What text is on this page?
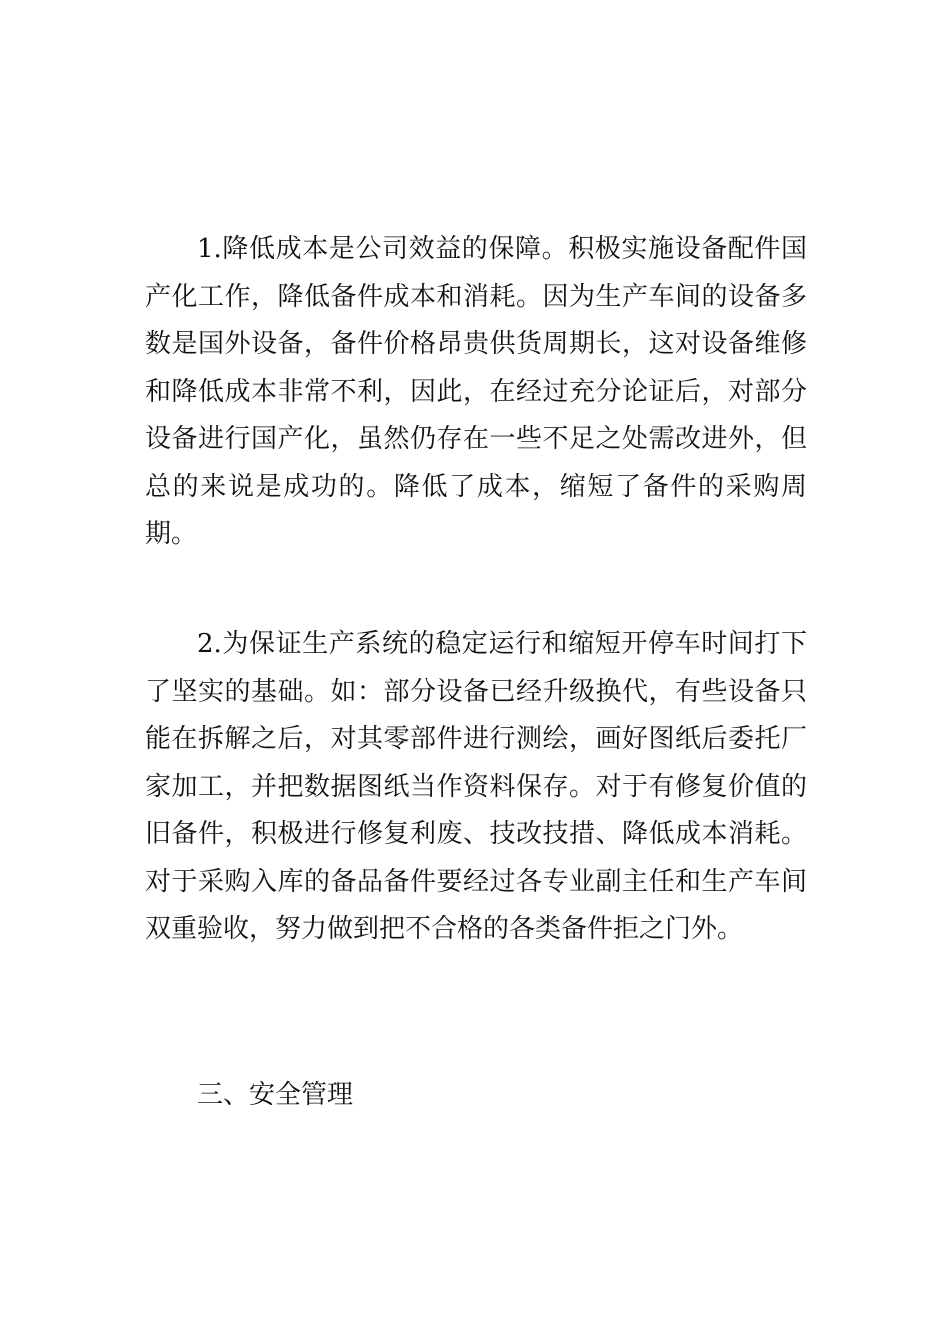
1.降低成本是公司效益的保障。积极实施设备配件国产化工作，降低备件成本和消耗。因为生产车间的设备多数是国外设备，备件价格昂贵供货周期长，这对设备维修和降低成本非常不利，因此，在经过充分论证后，对部分设备进行国产化，虽然仍存在一些不足之处需改进外，但总的来说是成功的。降低了成本，缩短了备件的采购周期。

2.为保证生产系统的稳定运行和缩短开停车时间打下了坚实的基础。如：部分设备已经升级换代，有些设备只能在拆解之后，对其零部件进行测绘，画好图纸后委托厂家加工，并把数据图纸当作资料保存。对于有修复价值的旧备件，积极进行修复利废、技改技措、降低成本消耗。对于采购入库的备品备件要经过各专业副主任和生产车间双重验收，努力做到把不合格的各类备件拒之门外。

三、安全管理
